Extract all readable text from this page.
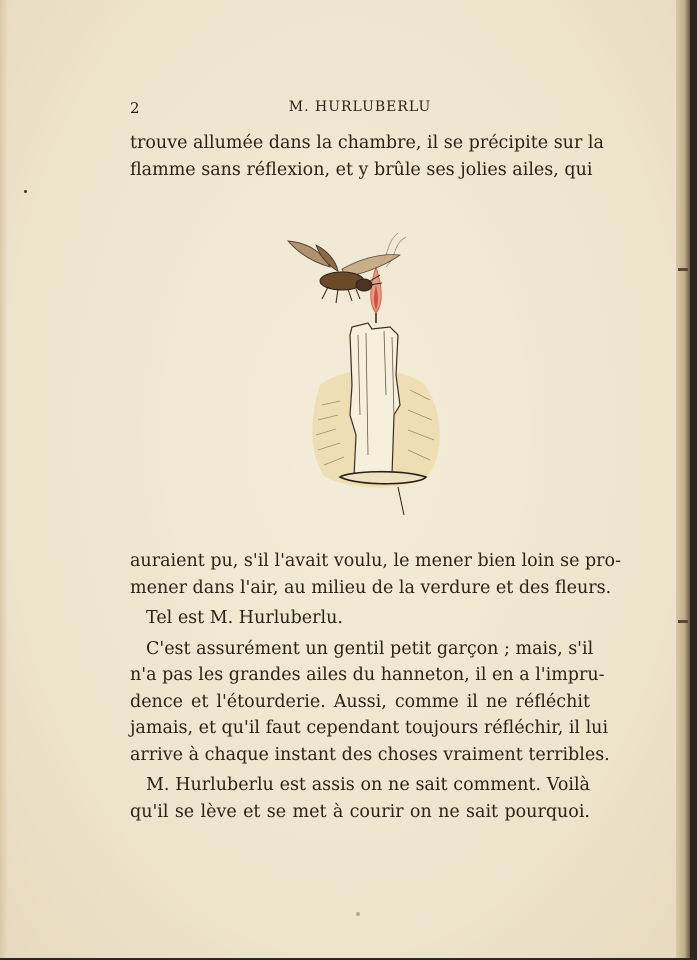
2	M. HURLUBERLU
trouve allumée dans la chambre, il se précipite sur la
flamme sans réflexion, et y brûle ses jolies ailes, qui
auraient pu, s'il l'avait voulu, le mener bien loin se pro-
mener dans l'air, au milieu de la verdure et des fleurs.
Tel est M. Hurluberlu.
C'est assurément un gentil petit garçon ; mais, s'il
n'a pas les grandes ailes du hanneton, il en a l'impru-
dence et l'étourderie. Aussi, comme il ne réfléchit
jamais, et qu'il faut cependant toujours réfléchir, il lui
arrive à chaque instant des choses vraiment terribles.
M. Hurluberlu est assis on ne sait comment. Voilà
qu'il se lève et se met à courir on ne sait pourquoi.
